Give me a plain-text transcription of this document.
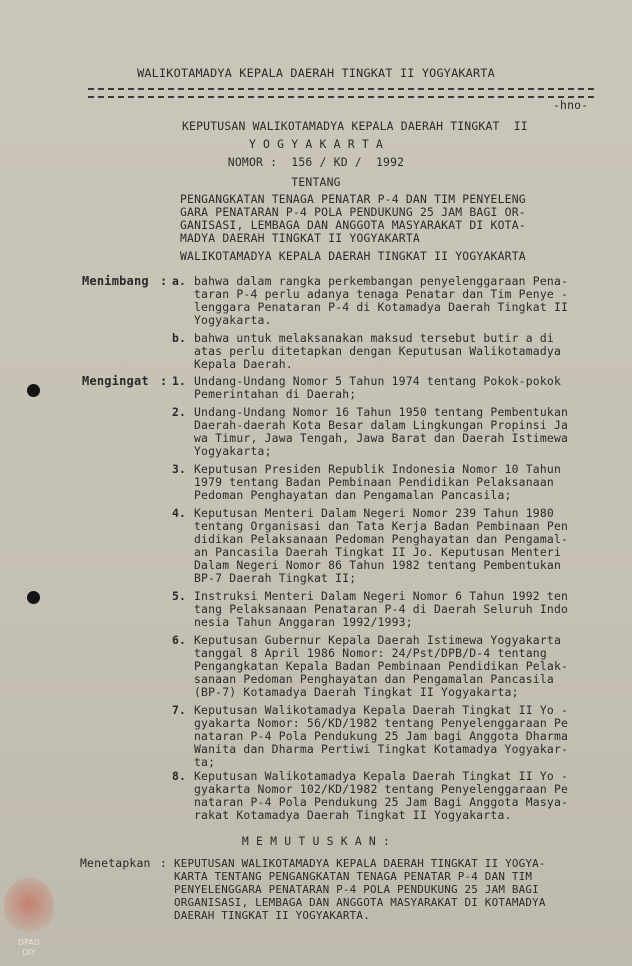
WALIKOTAMADYA KEPALA DAERAH TINGKAT II YOGYAKARTA
-hno-
KEPUTUSAN WALIKOTAMADYA KEPALA DAERAH TINGKAT  II
Y O G Y A K A R T A
NOMOR :  156 / KD /  1992
TENTANG
PENGANGKATAN TENAGA PENATAR P-4 DAN TIM PENYELENG
GARA PENATARAN P-4 POLA PENDUKUNG 25 JAM BAGI OR-
GANISASI, LEMBAGA DAN ANGGOTA MASYARAKAT DI KOTA-
MADYA DAERAH TINGKAT II YOGYAKARTA
WALIKOTAMADYA KEPALA DAERAH TINGKAT II YOGYAKARTA
Menimbang : a. bahwa dalam rangka perkembangan penyelenggaraan Pena-
taran P-4 perlu adanya tenaga Penatar dan Tim Penye -
lenggara Penataran P-4 di Kotamadya Daerah Tingkat II
Yogyakarta.
b. bahwa untuk melaksanakan maksud tersebut butir a di
atas perlu ditetapkan dengan Keputusan Walikotamadya
Kepala Daerah.
Mengingat : 1. Undang-Undang Nomor 5 Tahun 1974 tentang Pokok-pokok
Pemerintahan di Daerah;
2. Undang-Undang Nomor 16 Tahun 1950 tentang Pembentukan
Daerah-daerah Kota Besar dalam Lingkungan Propinsi Ja
wa Timur, Jawa Tengah, Jawa Barat dan Daerah Istimewa
Yogyakarta;
3. Keputusan Presiden Republik Indonesia Nomor 10 Tahun
1979 tentang Badan Pembinaan Pendidikan Pelaksanaan
Pedoman Penghayatan dan Pengamalan Pancasila;
4. Keputusan Menteri Dalam Negeri Nomor 239 Tahun 1980
tentang Organisasi dan Tata Kerja Badan Pembinaan Pen
didikan Pelaksanaan Pedoman Penghayatan dan Pengamal-
an Pancasila Daerah Tingkat II Jo. Keputusan Menteri
Dalam Negeri Nomor 86 Tahun 1982 tentang Pembentukan
BP-7 Daerah Tingkat II;
5. Instruksi Menteri Dalam Negeri Nomor 6 Tahun 1992 ten
tang Pelaksanaan Penataran P-4 di Daerah Seluruh Indo
nesia Tahun Anggaran 1992/1993;
6. Keputusan Gubernur Kepala Daerah Istimewa Yogyakarta
tanggal 8 April 1986 Nomor: 24/Pst/DPB/D-4 tentang
Pengangkatan Kepala Badan Pembinaan Pendidikan Pelak-
sanaan Pedoman Penghayatan dan Pengamalan Pancasila
(BP-7) Kotamadya Daerah Tingkat II Yogyakarta;
7. Keputusan Walikotamadya Kepala Daerah Tingkat II Yo -
gyakarta Nomor: 56/KD/1982 tentang Penyelenggaraan Pe
nataran P-4 Pola Pendukung 25 Jam bagi Anggota Dharma
Wanita dan Dharma Pertiwi Tingkat Kotamadya Yogyakar-
ta;
8. Keputusan Walikotamadya Kepala Daerah Tingkat II Yo -
gyakarta Nomor 102/KD/1982 tentang Penyelenggaraan Pe
nataran P-4 Pola Pendukung 25 Jam Bagi Anggota Masya-
rakat Kotamadya Daerah Tingkat II Yogyakarta.
M E M U T U S K A N :
Menetapkan : KEPUTUSAN WALIKOTAMADYA KEPALA DAERAH TINGKAT II YOGYA-
KARTA TENTANG PENGANGKATAN TENAGA PENATAR P-4 DAN TIM
PENYELENGGARA PENATARAN P-4 POLA PENDUKUNG 25 JAM BAGI
ORGANISASI, LEMBAGA DAN ANGGOTA MASYARAKAT DI KOTAMADYA
DAERAH TINGKAT II YOGYAKARTA.
DPAD
DIY
